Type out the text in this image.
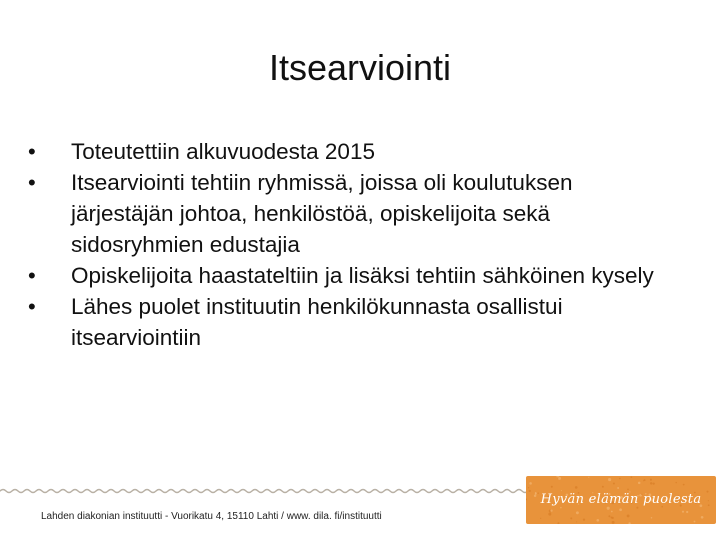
Itsearviointi
•	Toteutettiin alkuvuodesta 2015
•	Itsearviointi tehtiin ryhmissä, joissa oli koulutuksen järjestäjän johtoa, henkilöstöä, opiskelijoita sekä sidosryhmien edustajia
•	Opiskelijoita haastateltiin ja lisäksi tehtiin sähköinen kysely
•	Lähes puolet instituutin henkilökunnasta osallistui itsearviointiin
Lahden diakonian instituutti - Vuorikatu 4, 15110 Lahti / www. dila. fi/instituutti
Hyvän elämän puolesta
